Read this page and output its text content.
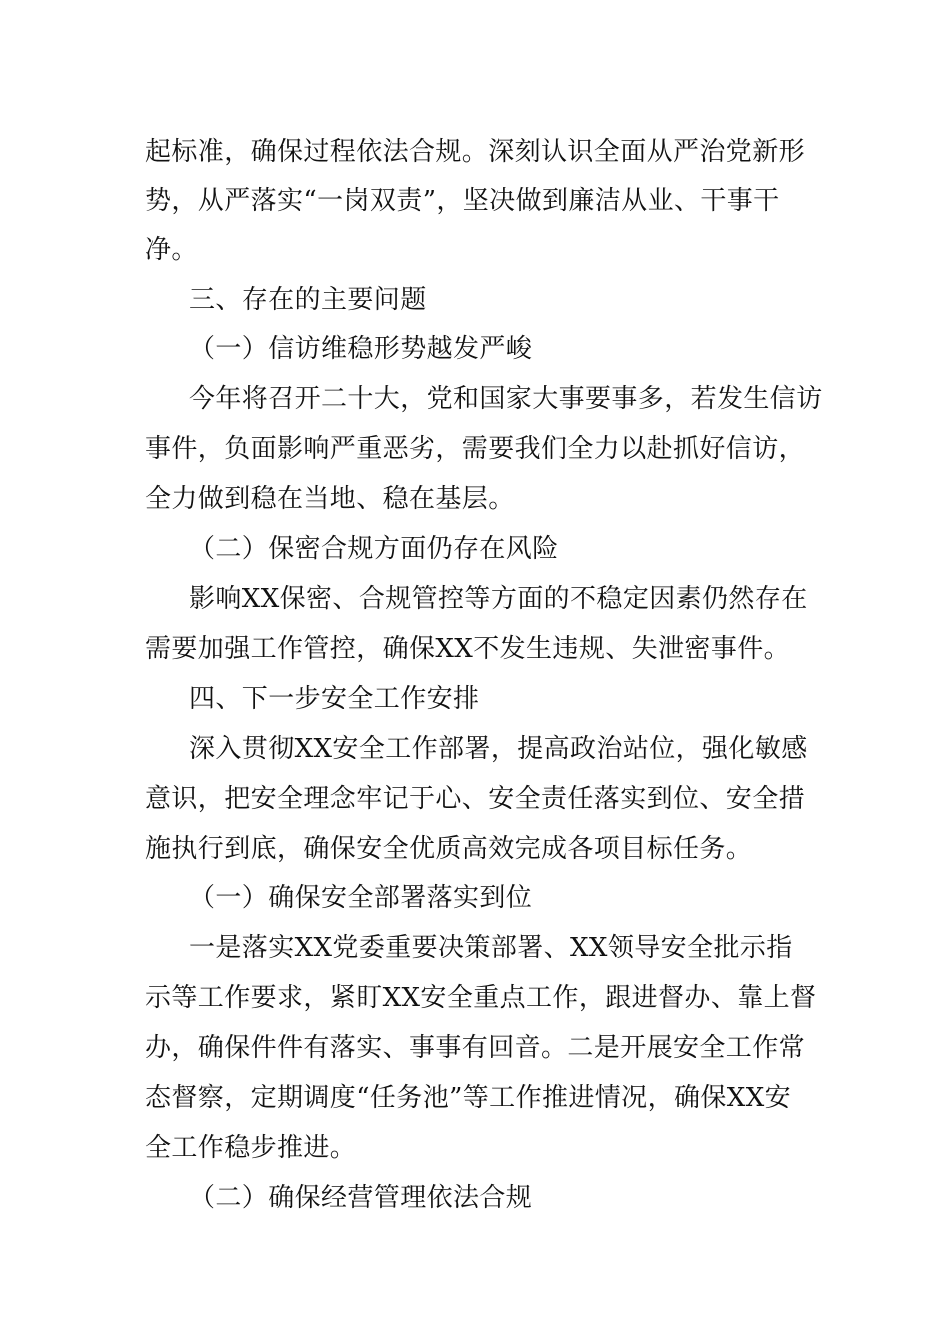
起标准，确保过程依法合规。深刻认识全面从严治党新形
势，从严落实“一岗双责”，坚决做到廉洁从业、干事干
净。
三、存在的主要问题
（一）信访维稳形势越发严峻
今年将召开二十大，党和国家大事要事多，若发生信访
事件，负面影响严重恶劣，需要我们全力以赴抓好信访，
全力做到稳在当地、稳在基层。
（二）保密合规方面仍存在风险
影响XX保密、合规管控等方面的不稳定因素仍然存在
需要加强工作管控，确保XX不发生违规、失泄密事件。
四、下一步安全工作安排
深入贯彻XX安全工作部署，提高政治站位，强化敏感
意识，把安全理念牢记于心、安全责任落实到位、安全措
施执行到底，确保安全优质高效完成各项目标任务。
（一）确保安全部署落实到位
一是落实XX党委重要决策部署、XX领导安全批示指
示等工作要求，紧盯XX安全重点工作，跟进督办、靠上督
办，确保件件有落实、事事有回音。二是开展安全工作常
态督察，定期调度“任务池”等工作推进情况，确保XX安
全工作稳步推进。
（二）确保经营管理依法合规
